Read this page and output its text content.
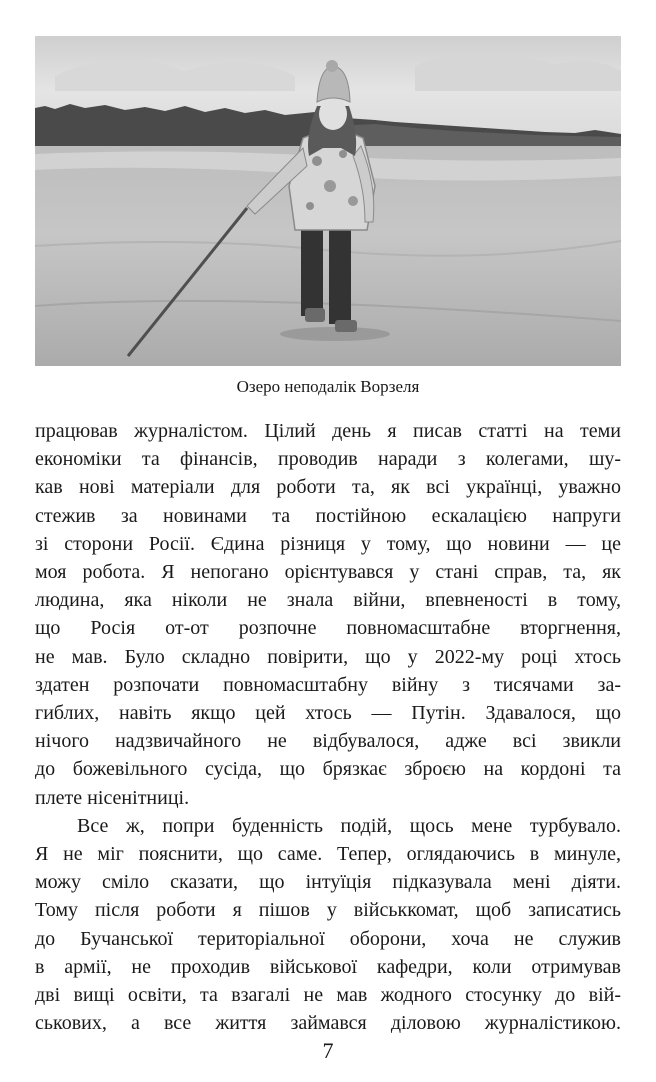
Озеро неподалік Ворзеля

працював журналістом. Цілий день я писав статті на теми
економіки та фінансів, проводив наради з колегами, шу-
кав нові матеріали для роботи та, як всі українці, уважно
стежив за новинами та постійною ескалацією напруги
зі сторони Росії. Єдина різниця у тому, що новини — це
моя робота. Я непогано орієнтувався у стані справ, та, як
людина, яка ніколи не знала війни, впевненості в тому,
що Росія от-от розпочне повномасштабне вторгнення,
не мав. Було складно повірити, що у 2022-му році хтось
здатен розпочати повномасштабну війну з тисячами за-
гиблих, навіть якщо цей хтось — Путін. Здавалося, що
нічого надзвичайного не відбувалося, адже всі звикли
до божевільного сусіда, що брязкає зброєю на кордоні та
плете нісенітниці.

Все ж, попри буденність подій, щось мене турбувало.
Я не міг пояснити, що саме. Тепер, оглядаючись в минуле,
можу сміло сказати, що інтуїція підказувала мені діяти.
Тому після роботи я пішов у військкомат, щоб записатись
до Бучанської територіальної оборони, хоча не служив
в армії, не проходив військової кафедри, коли отримував
дві вищі освіти, та взагалі не мав жодного стосунку до вій-
ськових, а все життя займався діловою журналістикою.

7
